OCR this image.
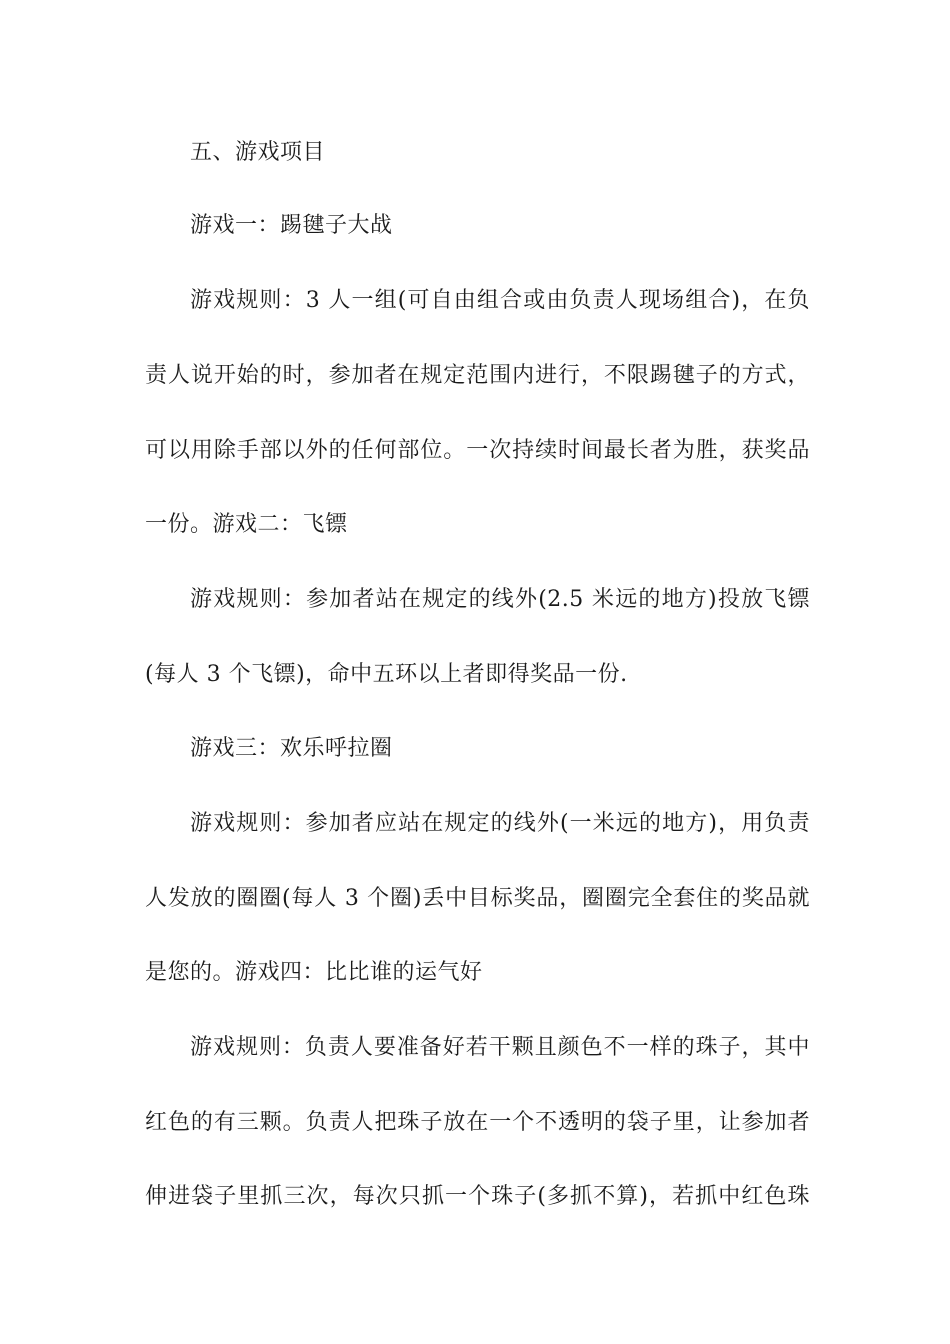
五、游戏项目
游戏一：踢毽子大战
游戏规则：3 人一组(可自由组合或由负责人现场组合)，在负
责人说开始的时，参加者在规定范围内进行，不限踢毽子的方式，
可以用除手部以外的任何部位。一次持续时间最长者为胜，获奖品
一份。游戏二：飞镖
游戏规则：参加者站在规定的线外(2.5 米远的地方)投放飞镖
(每人 3 个飞镖)，命中五环以上者即得奖品一份.
游戏三：欢乐呼拉圈
游戏规则：参加者应站在规定的线外(一米远的地方)，用负责
人发放的圈圈(每人 3 个圈)丢中目标奖品，圈圈完全套住的奖品就
是您的。游戏四：比比谁的运气好
游戏规则：负责人要准备好若干颗且颜色不一样的珠子，其中
红色的有三颗。负责人把珠子放在一个不透明的袋子里，让参加者
伸进袋子里抓三次，每次只抓一个珠子(多抓不算)，若抓中红色珠
